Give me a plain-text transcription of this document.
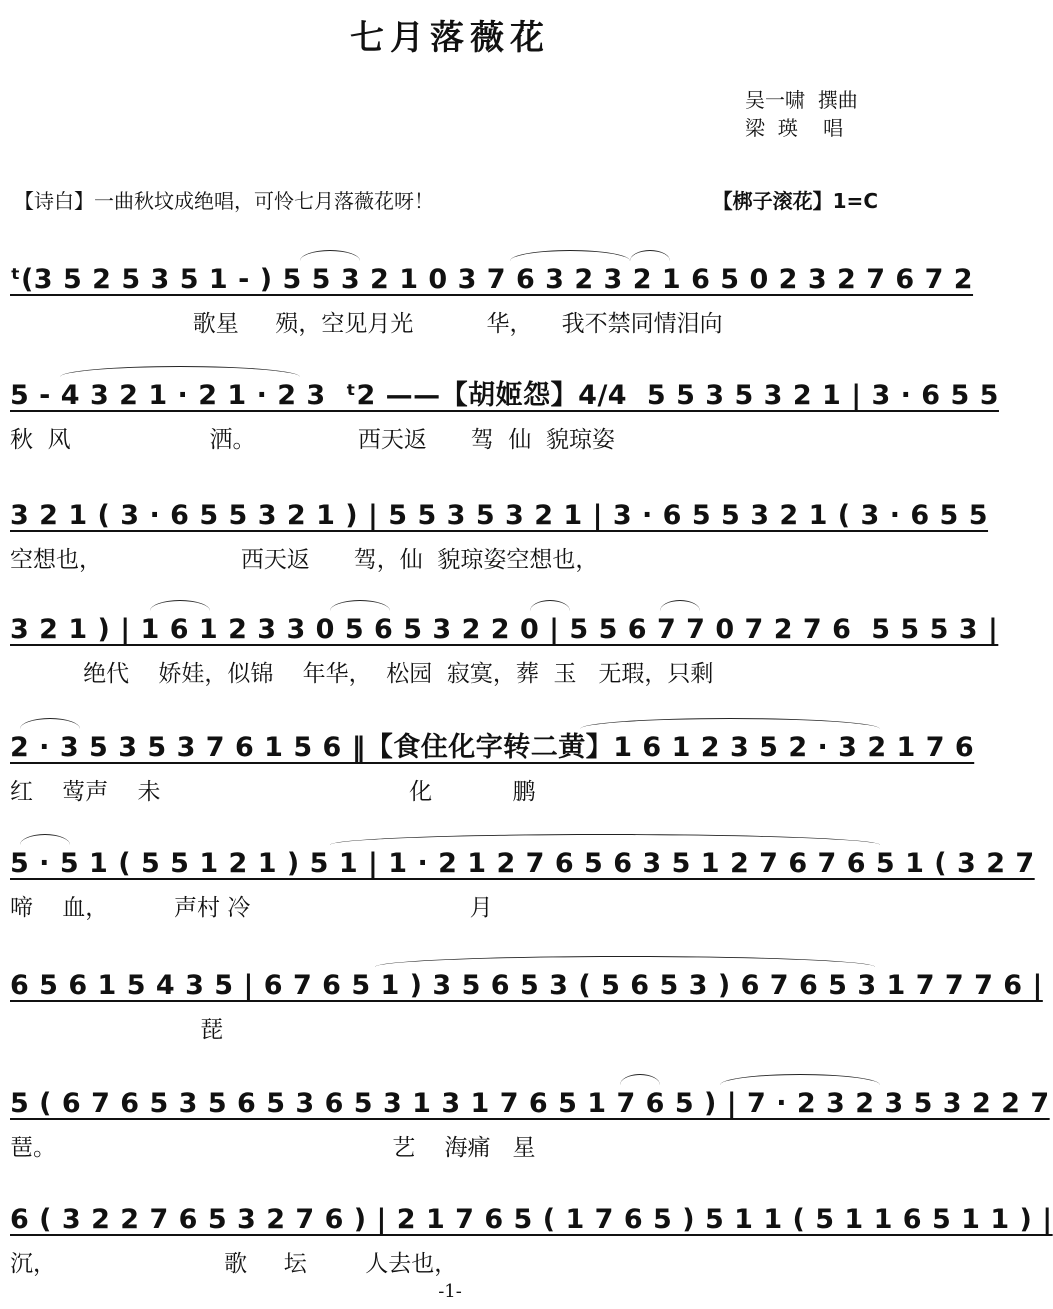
七月落薇花
吴一啸  撰曲
梁  瑛    唱
【诗白】一曲秋坟成绝唱，可怜七月落薇花呀！	【梆子滚花】1=C
ᵗ(3 5 2 5 3 5 1 - ) 5 5 3 2 1 0 3 7 6 3 2 3 2 1 6 5 0 2 3 2 7 6 7 2
歌星     殒，空见月光          华，    我不禁同情泪向
5 - 4 3 2 1 · 2 1 · 2 3  ᵗ2 ——【胡姬怨】4/4  5 5 3 5 3 2 1 | 3 · 6 5 5
秋  风                   洒。              西天返      驾  仙  貌琼姿
3 2 1 ( 3 · 6 5 5 3 2 1 ) | 5 5 3 5 3 2 1 | 3 · 6 5 5 3 2 1 ( 3 · 6 5 5
空想也，                   西天返      驾，仙  貌琼姿空想也，
3 2 1 ) | 1 6 1 2 3 3 0 5 6 5 3 2 2 0 | 5 5 6 7 7 0 7 2 7 6  5 5 5 3 |
绝代    娇娃，似锦    年华，  松园  寂寞，葬  玉   无瑕，只剩
2 · 3 5 3 5 3 7 6 1 5 6 ‖【食住化字转二黄】1 6 1 2 3 5 2 · 3 2 1 7 6
红    莺声    未                                  化           鹏
5 · 5 1 ( 5 5 1 2 1 ) 5 1 | 1 · 2 1 2 7 6 5 6 3 5 1 2 7 6 7 6 5 1 ( 3 2 7
啼    血，         声村 冷                              月
6 5 6 1 5 4 3 5 | 6 7 6 5 1 ) 3 5 6 5 3 ( 5 6 5 3 ) 6 7 6 5 3 1 7 7 7 6 |
琵
5 ( 6 7 6 5 3 5 6 5 3 6 5 3 1 3 1 7 6 5 1 7 6 5 ) | 7 · 2 3 2 3 5 3 2 2 7
琶。                                              艺    海痛   星
6 ( 3 2 2 7 6 5 3 2 7 6 ) | 2 1 7 6 5 ( 1 7 6 5 ) 5 1 1 ( 5 1 1 6 5 1 1 ) |
沉，                       歌     坛        人去也，
-1-
